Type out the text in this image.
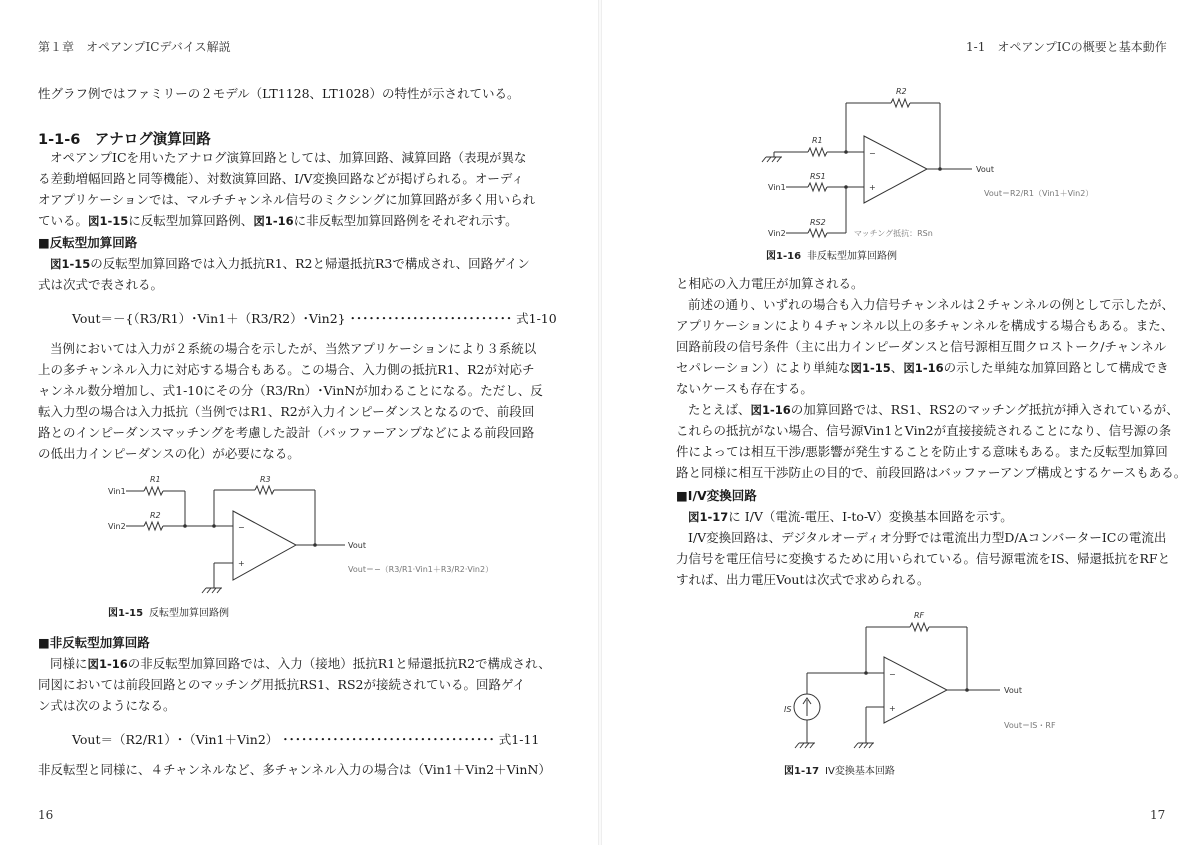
第１章　オペアンプICデバイス解説
性グラフ例ではファミリーの２モデル（LT1128、LT1028）の特性が示されている。
1-1-6　アナログ演算回路
オペアンプICを用いたアナログ演算回路としては、加算回路、減算回路（表現が異な
る差動増幅回路と同等機能）、対数演算回路、I/V変換回路などが掲げられる。オーディ
オアプリケーションでは、マルチチャンネル信号のミクシングに加算回路が多く用いられ
ている。図1-15に反転型加算回路例、図1-16に非反転型加算回路例をそれぞれ示す。
■反転型加算回路
図1-15の反転型加算回路では入力抵抗R1、R2と帰還抵抗R3で構成され、回路ゲイン
式は次式で表される。
Vout＝－{（R3/R1）･Vin1＋（R3/R2）･Vin2} ･･････････････････････････ 式1-10
当例においては入力が２系統の場合を示したが、当然アプリケーションにより３系統以
上の多チャンネル入力に対応する場合もある。この場合、入力側の抵抗R1、R2が対応チ
ャンネル数分増加し、式1-10にその分（R3/Rn）･VinNが加わることになる。ただし、反
転入力型の場合は入力抵抗（当例ではR1、R2が入力インピーダンスとなるので、前段回
路とのインピーダンスマッチングを考慮した設計（バッファーアンプなどによる前段回路
の低出力インピーダンスの化）が必要になる。
Vin1
Vin2
R1
R2
R3
−
+
Vout
Vout＝−（R3/R1·Vin1＋R3/R2·Vin2）
図1-15 反転型加算回路例
■非反転型加算回路
同様に図1-16の非反転型加算回路では、入力（接地）抵抗R1と帰還抵抗R2で構成され、
同図においては前段回路とのマッチング用抵抗RS1、RS2が接続されている。回路ゲイ
ン式は次のようになる。
Vout＝（R2/R1）･（Vin1＋Vin2） ･･････････････････････････････････ 式1-11
非反転型と同様に、４チャンネルなど、多チャンネル入力の場合は（Vin1＋Vin2＋VinN）
16
1-1　オペアンプICの概要と基本動作
R2
R1
RS1
RS2
Vin1
Vin2
−
+
Vout
Vout＝R2/R1（Vin1＋Vin2）
マッチング抵抗：RSn
図1-16 非反転型加算回路例
と相応の入力電圧が加算される。
前述の通り、いずれの場合も入力信号チャンネルは２チャンネルの例として示したが、
アプリケーションにより４チャンネル以上の多チャンネルを構成する場合もある。また、
回路前段の信号条件（主に出力インピーダンスと信号源相互間クロストーク/チャンネル
セパレーション）により単純な図1-15、図1-16の示した単純な加算回路として構成でき
ないケースも存在する。
たとえば、図1-16の加算回路では、RS1、RS2のマッチング抵抗が挿入されているが、
これらの抵抗がない場合、信号源Vin1とVin2が直接接続されることになり、信号源の条
件によっては相互干渉/悪影響が発生することを防止する意味もある。また反転型加算回
路と同様に相互干渉防止の目的で、前段回路はバッファーアンプ構成とするケースもある。
■I/V変換回路
図1-17に I/V（電流-電圧、I-to-V）変換基本回路を示す。
I/V変換回路は、デジタルオーディオ分野では電流出力型D/AコンバーターICの電流出
力信号を電圧信号に変換するために用いられている。信号源電流をIS、帰還抵抗をRFと
すれば、出力電圧Voutは次式で求められる。
RF
IS
−
+
Vout
Vout＝IS・RF
図1-17 IV変換基本回路
17
